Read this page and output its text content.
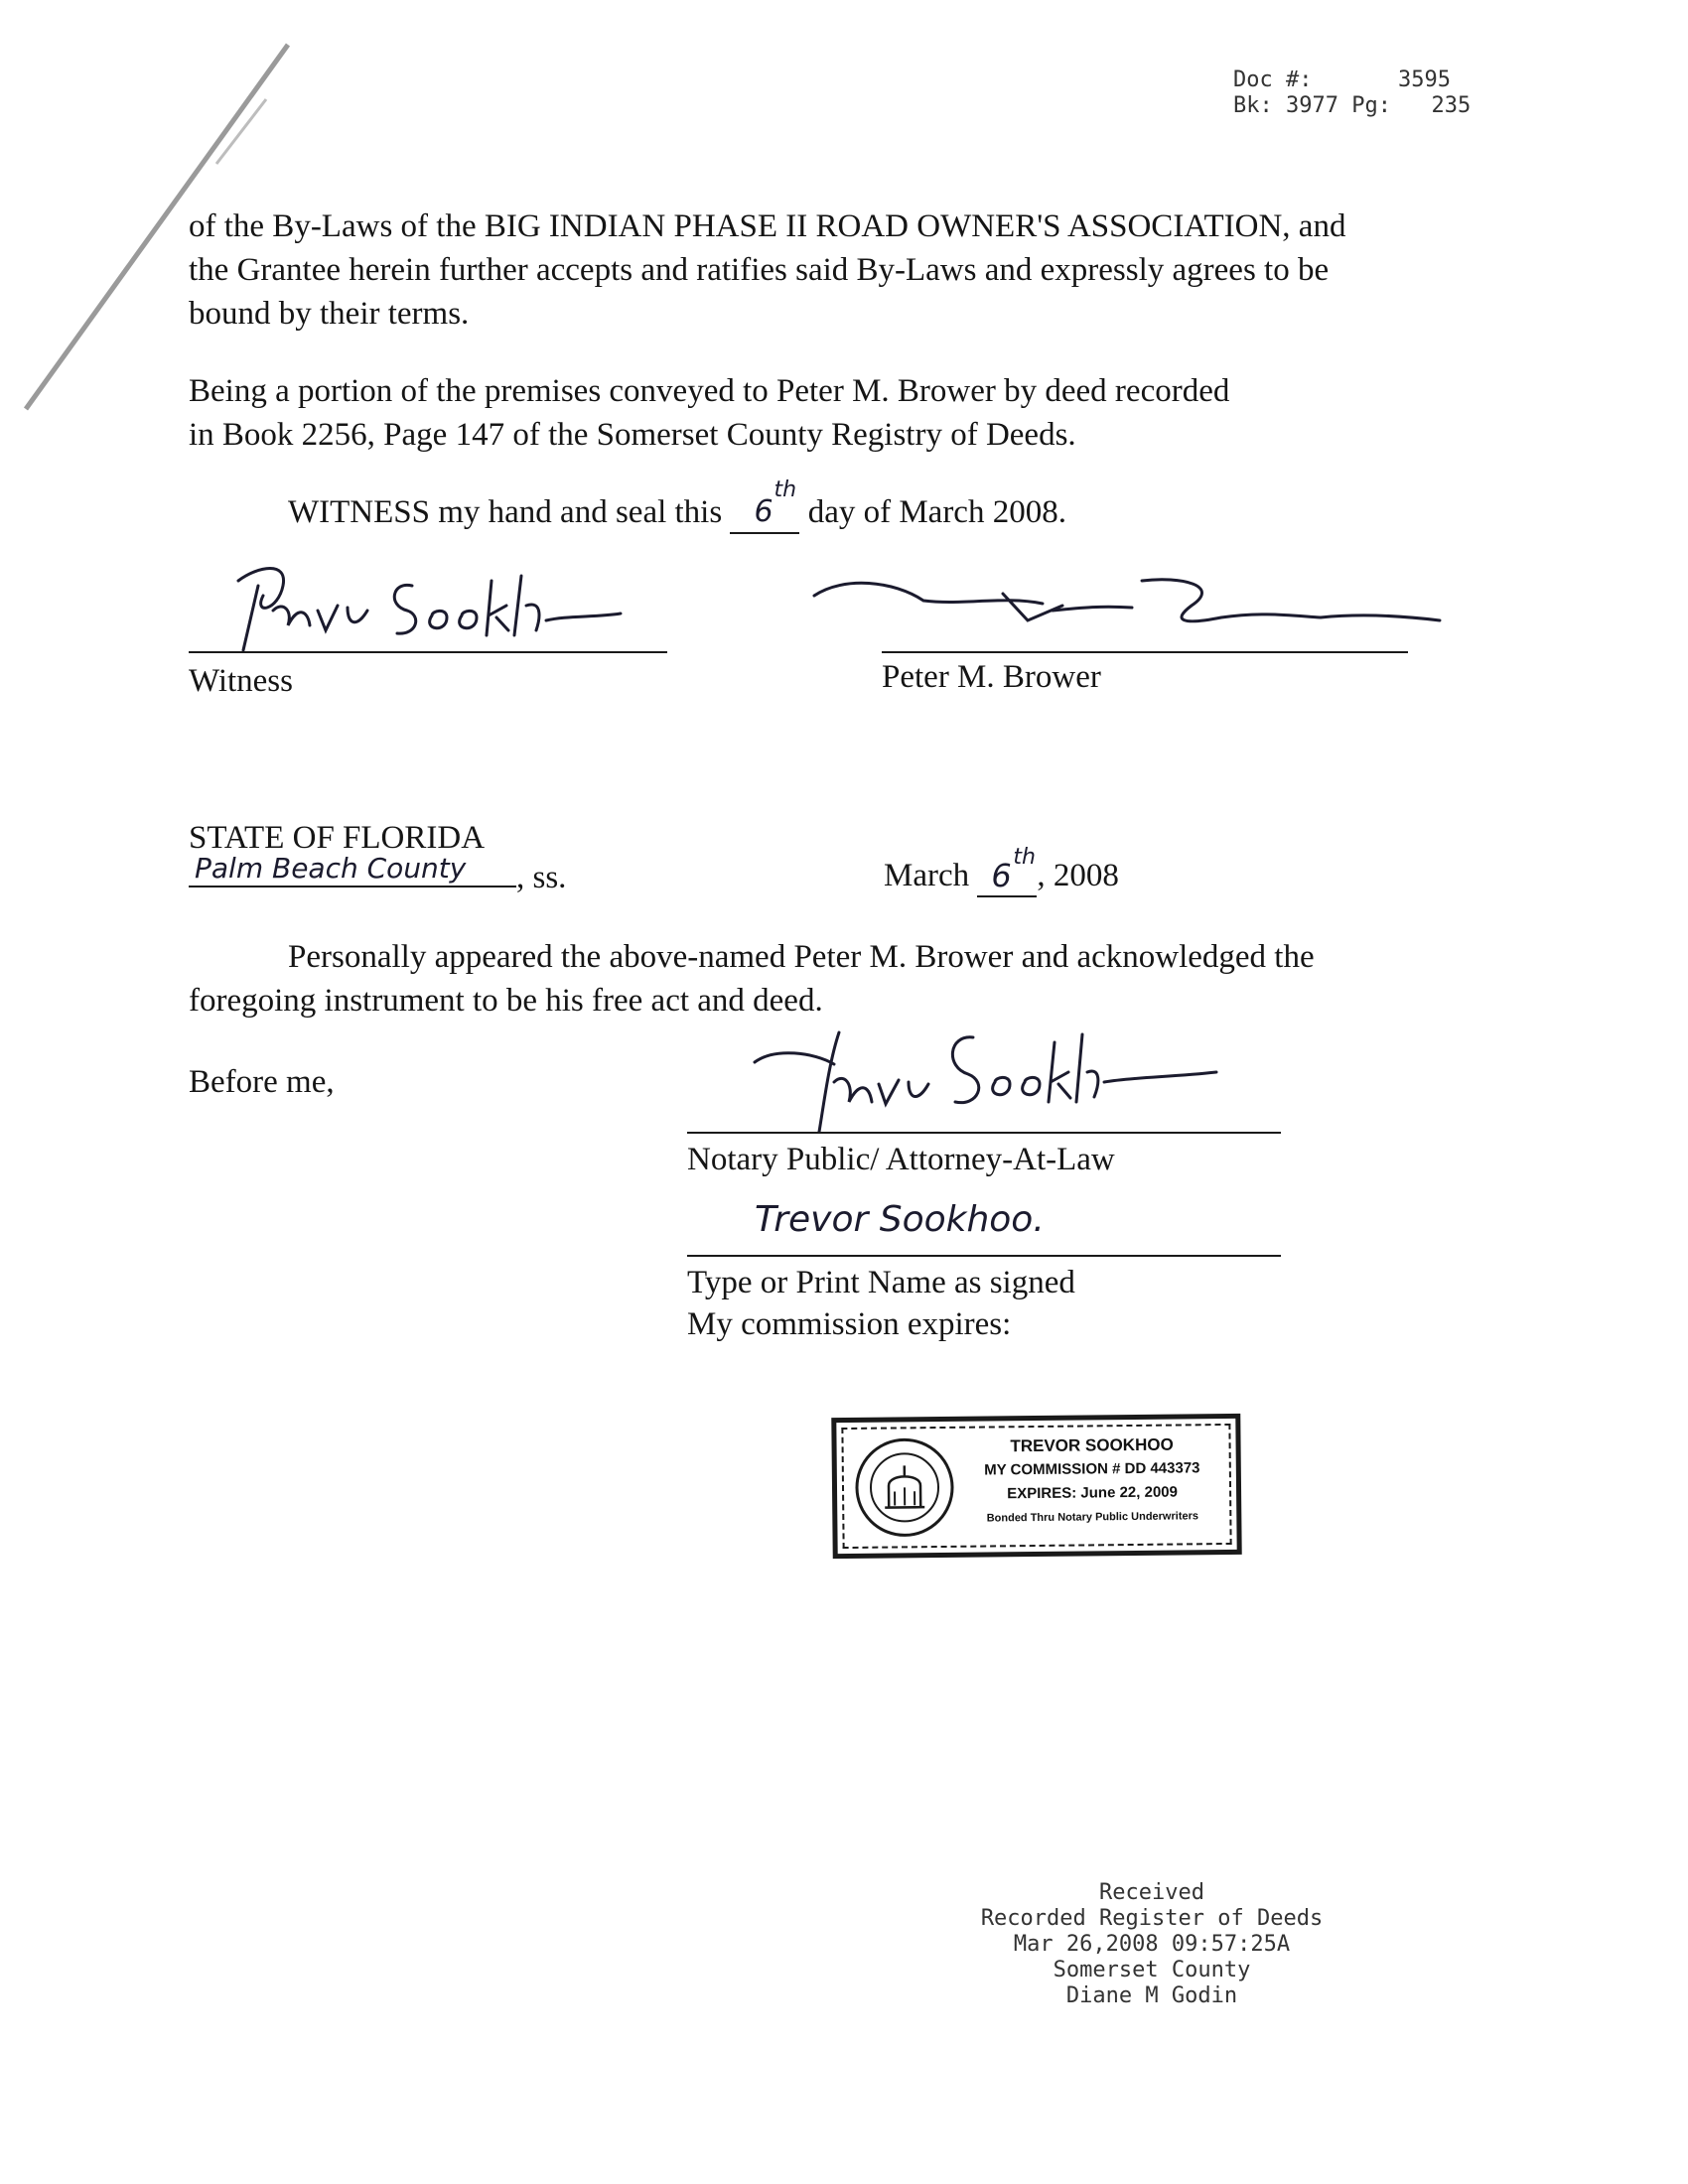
Doc #:	3595
Bk: 3977 Pg: 235

of the By-Laws of the BIG INDIAN PHASE II ROAD OWNER'S ASSOCIATION, and

the Grantee herein further accepts and ratifies said By-Laws and expressly agrees to be

bound by their terms.

Being a portion of the premises conveyed to Peter M. Brower by deed recorded

in Book 2256, Page 147 of the Somerset County Registry of Deeds.

WITNESS my hand and seal this 6
th
day of March 2008.
Witness	Peter M. Brower
STATE OF FLORIDA
Palm Beach County , ss.	March 6 th
, 2008

Personally appeared the above-named Peter M. Brower and acknowledged the

foregoing instrument to be his free act and deed.

Before me,
Notary Public/ Attorney-At-Law
Trevor Sookhoo.
Type or Print Name as signed
My commission expires:
TREVOR SOOKHOO
MY COMMISSION # DD 443373
EXPIRES: June 22, 2009
Bonded Thru Notary Public Underwriters
Received
Recorded Register of Deeds
Mar 26,2008 09:57:25A
Somerset County
Diane M Godin
